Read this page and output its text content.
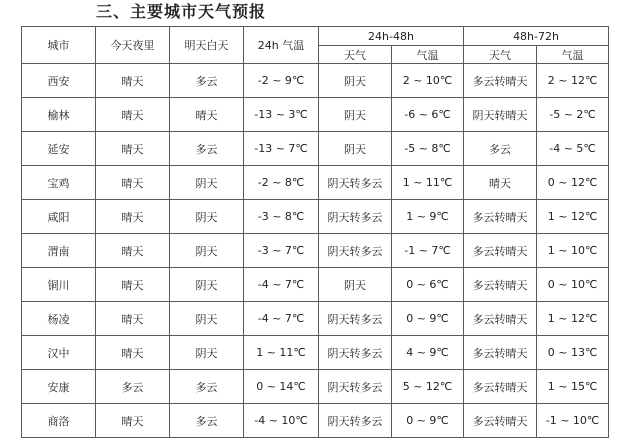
三、主要城市天气预报
城市	今天夜里	明天白天	24h 气温	24h-48h		48h-72h	
				天气	气温	天气	气温
西安	晴天	多云	-2 ~ 9℃	阴天	2 ~ 10℃	多云转晴天	2 ~ 12℃
榆林	晴天	晴天	-13 ~ 3℃	阴天	-6 ~ 6℃	阴天转晴天	-5 ~ 2℃
延安	晴天	多云	-13 ~ 7℃	阴天	-5 ~ 8℃	多云	-4 ~ 5℃
宝鸡	晴天	阴天	-2 ~ 8℃	阴天转多云	1 ~ 11℃	晴天	0 ~ 12℃
咸阳	晴天	阴天	-3 ~ 8℃	阴天转多云	1 ~ 9℃	多云转晴天	1 ~ 12℃
渭南	晴天	阴天	-3 ~ 7℃	阴天转多云	-1 ~ 7℃	多云转晴天	1 ~ 10℃
铜川	晴天	阴天	-4 ~ 7℃	阴天	0 ~ 6℃	多云转晴天	0 ~ 10℃
杨凌	晴天	阴天	-4 ~ 7℃	阴天转多云	0 ~ 9℃	多云转晴天	1 ~ 12℃
汉中	晴天	阴天	1 ~ 11℃	阴天转多云	4 ~ 9℃	多云转晴天	0 ~ 13℃
安康	多云	多云	0 ~ 14℃	阴天转多云	5 ~ 12℃	多云转晴天	1 ~ 15℃
商洛	晴天	多云	-4 ~ 10℃	阴天转多云	0 ~ 9℃	多云转晴天	-1 ~ 10℃
